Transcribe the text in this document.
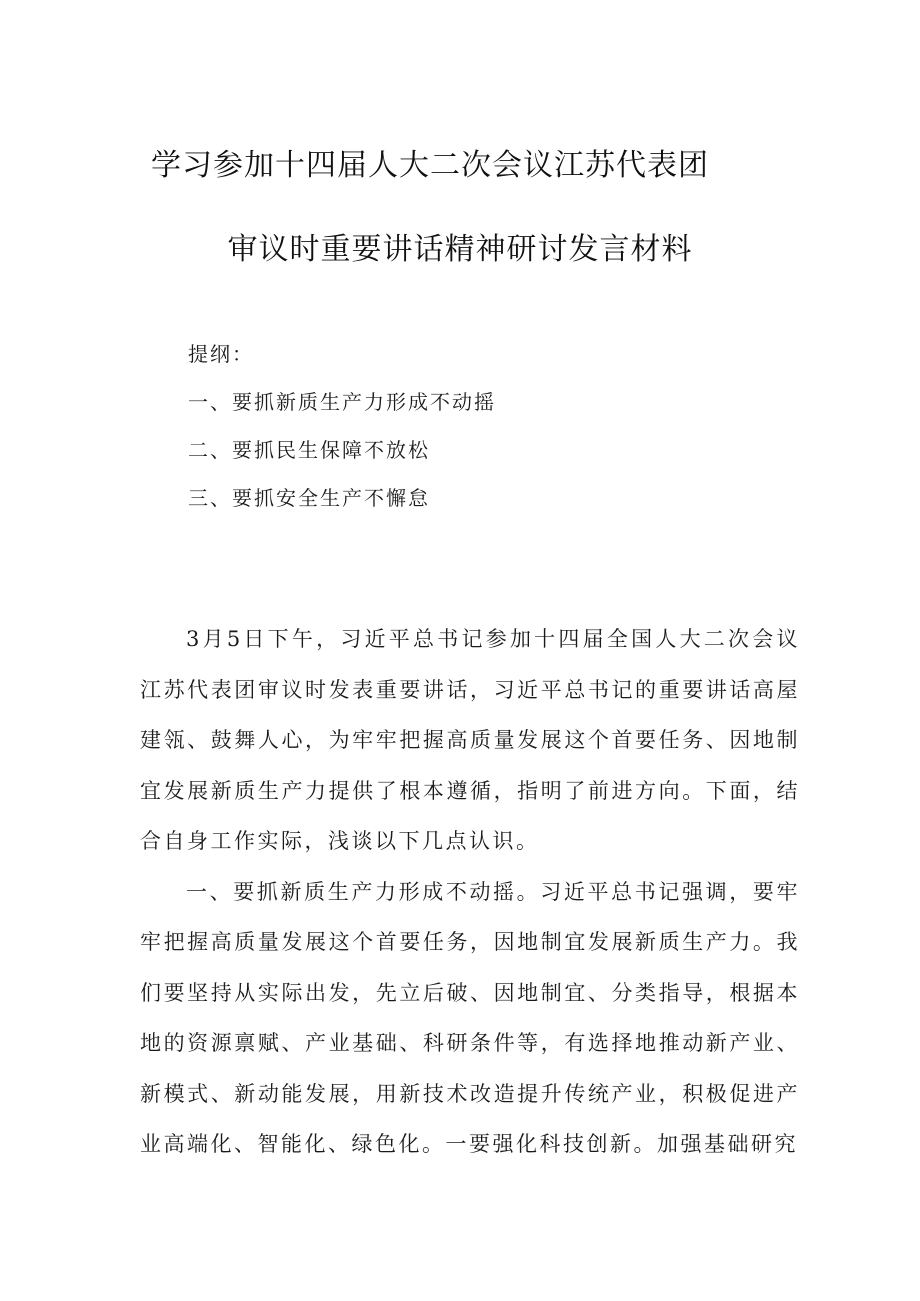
学习参加十四届人大二次会议江苏代表团
审议时重要讲话精神研讨发言材料
提纲：
一、要抓新质生产力形成不动摇
二、要抓民生保障不放松
三、要抓安全生产不懈怠

3月5日下午，习近平总书记参加十四届全国人大二次会议江苏代表团审议时发表重要讲话，习近平总书记的重要讲话高屋建瓴、鼓舞人心，为牢牢把握高质量发展这个首要任务、因地制宜发展新质生产力提供了根本遵循，指明了前进方向。下面，结合自身工作实际，浅谈以下几点认识。

一、要抓新质生产力形成不动摇。习近平总书记强调，要牢牢把握高质量发展这个首要任务，因地制宜发展新质生产力。我们要坚持从实际出发，先立后破、因地制宜、分类指导，根据本地的资源禀赋、产业基础、科研条件等，有选择地推动新产业、新模式、新动能发展，用新技术改造提升传统产业，积极促进产业高端化、智能化、绿色化。一要强化科技创新。加强基础研究
